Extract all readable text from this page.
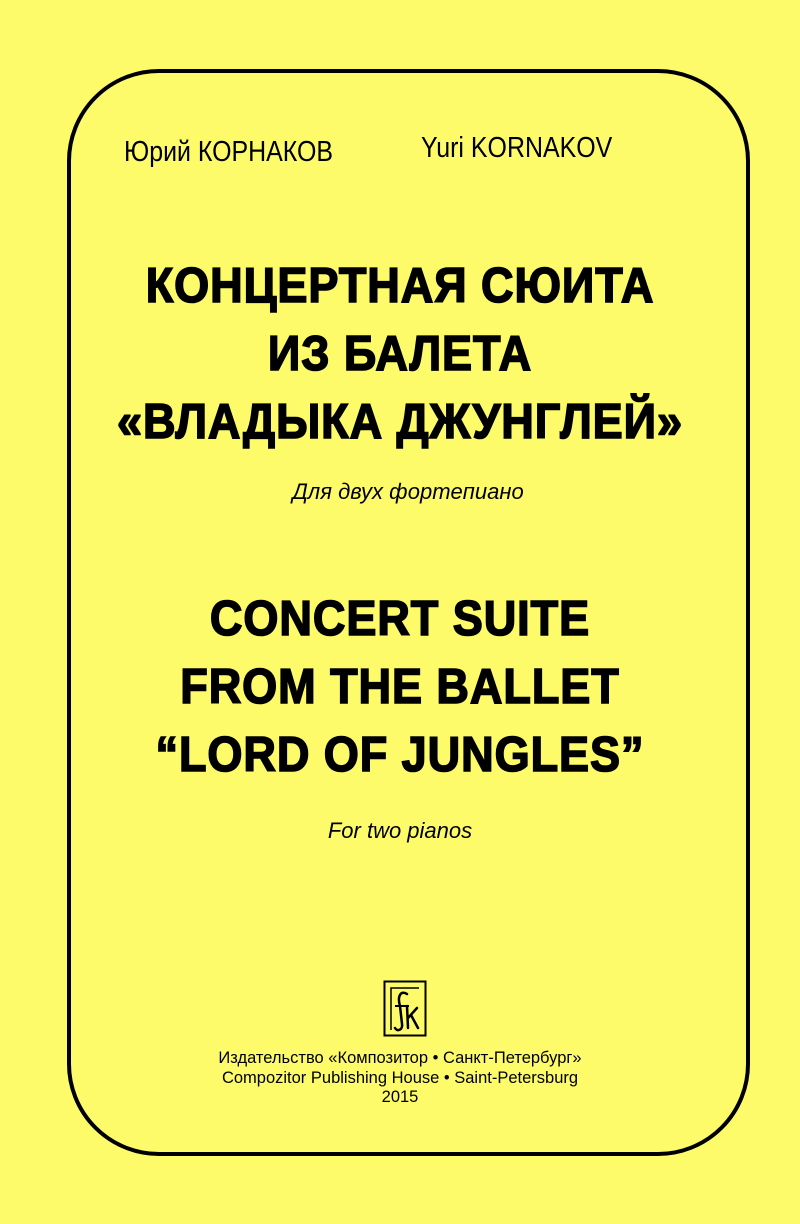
Юрий КОРНАКОВ	Yuri KORNAKOV
КОНЦЕРТНАЯ СЮИТА
ИЗ БАЛЕТА
«ВЛАДЫКА ДЖУНГЛЕЙ»
Для двух фортепиано
CONCERT SUITE
FROM THE BALLET
“LORD OF JUNGLES”
For two pianos
Издательство «Композитор • Санкт-Петербург»
Compozitor Publishing House • Saint-Petersburg
2015
